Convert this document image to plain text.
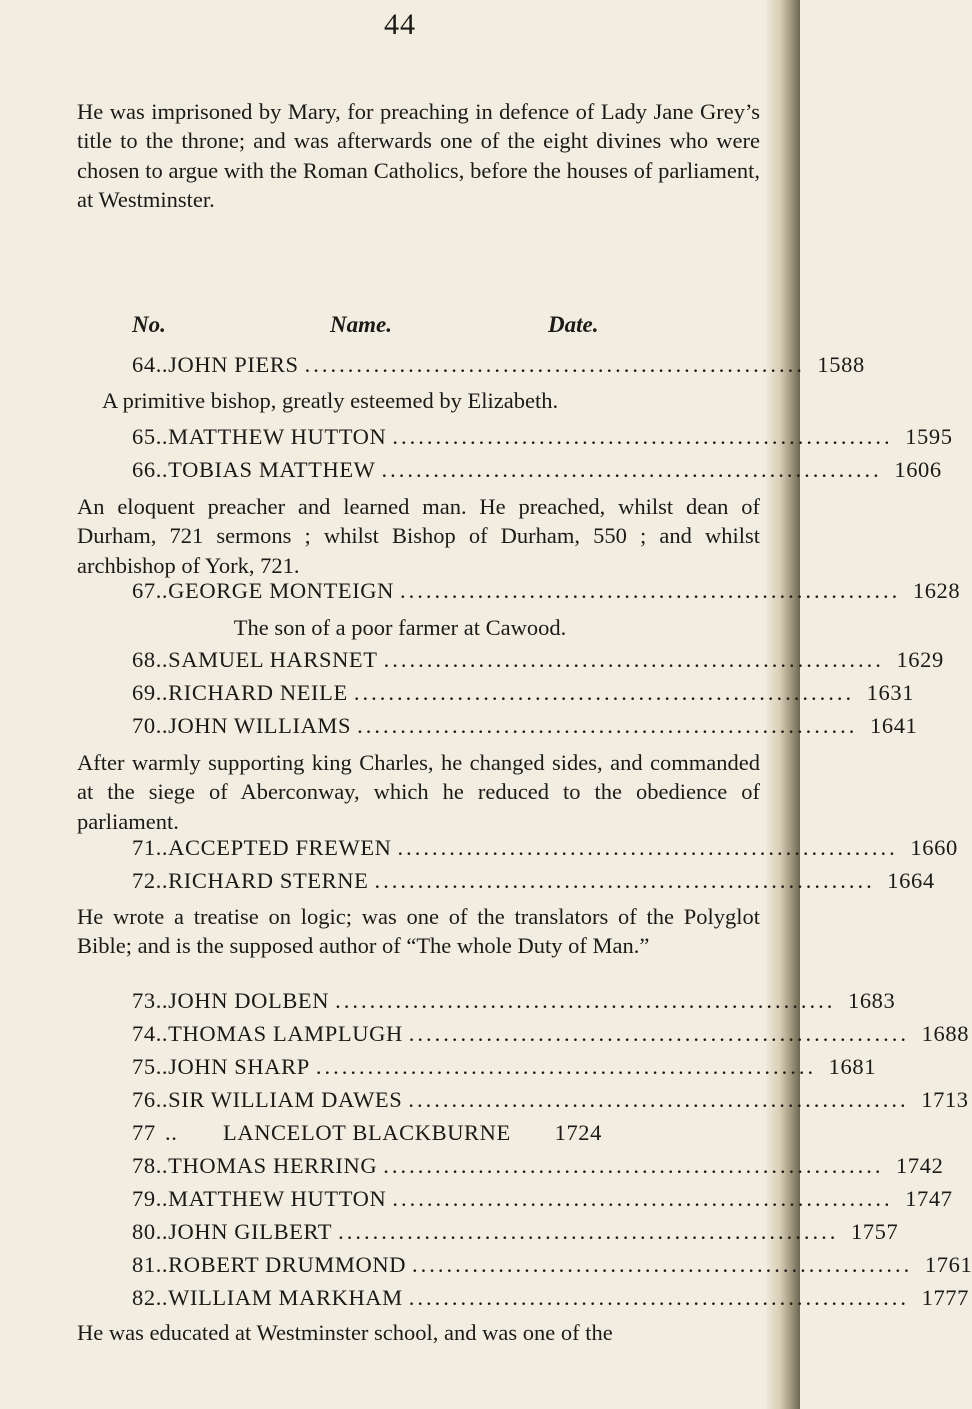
44
He was imprisoned by Mary, for preaching in defence of Lady Jane Grey’s title to the throne; and was afterwards one of the eight divines who were chosen to argue with the Roman Catholics, before the houses of parliament, at Westminster.
No.	Name.	Date.
64 .. JOHN PIERS .......................................................... 1588
A primitive bishop, greatly esteemed by Elizabeth.
65 .. MATTHEW HUTTON .......................................................... 1595
66 .. TOBIAS MATTHEW .......................................................... 1606
An eloquent preacher and learned man. He preached, whilst dean of Durham, 721 sermons ; whilst Bishop of Durham, 550 ; and whilst archbishop of York, 721.
67 .. GEORGE MONTEIGN .......................................................... 1628
The son of a poor farmer at Cawood.
68 .. SAMUEL HARSNET .......................................................... 1629
69 .. RICHARD NEILE .......................................................... 1631
70 .. JOHN WILLIAMS .......................................................... 1641
After warmly supporting king Charles, he changed sides, and commanded at the siege of Aberconway, which he reduced to the obedience of parliament.
71 .. ACCEPTED FREWEN .......................................................... 1660
72 .. RICHARD STERNE .......................................................... 1664
He wrote a treatise on logic; was one of the translators of the Polyglot Bible; and is the supposed author of “The whole Duty of Man.”
73 .. JOHN DOLBEN .......................................................... 1683
74 .. THOMAS LAMPLUGH .......................................................... 1688
75 .. JOHN SHARP .......................................................... 1681
76 .. SIR WILLIAM DAWES .......................................................... 1713
77 ..	LANCELOT BLACKBURNE 1724
78 .. THOMAS HERRING .......................................................... 1742
79 .. MATTHEW HUTTON .......................................................... 1747
80 .. JOHN GILBERT .......................................................... 1757
81 .. ROBERT DRUMMOND .......................................................... 1761
82 .. WILLIAM MARKHAM .......................................................... 1777
He was educated at Westminster school, and was one of the
